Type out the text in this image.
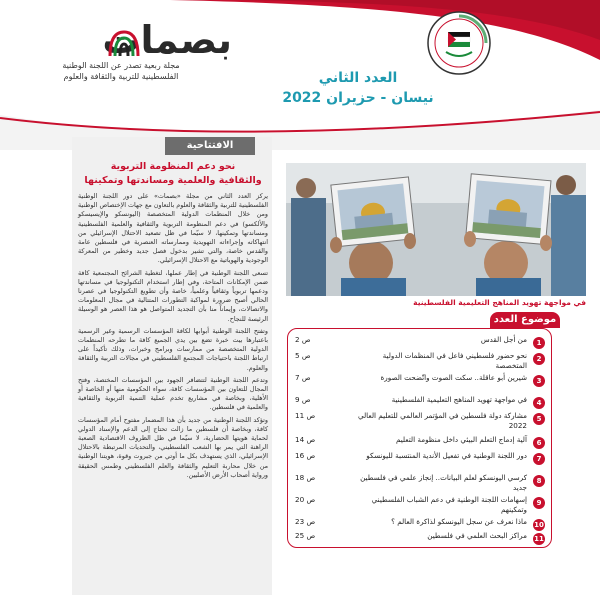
بصمات
مجلة ربعية تصدر عن اللجنة الوطنية
الفلسطينية للتربية والثقافة والعلوم	العدد الثاني
نيسان - حزيران 2022
الافتتاحية
نحو دعم المنظومة التربوية
والثقافية والعلمية ومساندتها وتمكينها

يركز العدد الثاني من مجلة «بصمات» على دور اللجنة الوطنية الفلسطينية للتربية والثقافة والعلوم بالتعاون مع جهات الإختصاص الوطنية ومن خلال المنظمات الدولية المتخصصة (اليونسكو والإيسيسكو والألكسو) في دعم المنظومة التربوية والثقافية والعلمية الفلسطينية ومساندتها وتمكينها، لا سيّما في ظل تصعيد الاحتلال الإسرائيلي من انتهاكاته وإجراءاته التهويدية وممارساته العنصرية في فلسطين عامة والقدس خاصة، والتي تشير بدخول فصل جديد وخطير من المعركة الوجودية والهوياتية مع الاحتلال الإسرائيلي.

تسعى اللجنة الوطنية في إطار عملها، لتغطية الشرائح المجتمعية كافة ضمن الإمكانات المتاحة، وفي إطار استخدام التكنولوجيا في مساندتها ودعمها تربوياً وثقافياً وعلمياً، خاصة وأن تطويع التكنولوجيا في عصرنا الحالي أصبح ضرورة لمواكبة التطورات المتتالية في مجال المعلومات والاتصالات، وإيماناً منا بأن التجديد المتواصل هو هذا العصر هو الوسيلة الرئيسة للنجاح.

وتفتح اللجنة الوطنية أبوابها لكافة المؤسسات الرسمية وغير الرسمية باعتبارها بيت خبرة تضع بين يدي الجميع كافة ما تطرحه المنظمات الدولية المتخصصة من ممارسات وبرامج وخبرات، وذلك تأكيداً على ارتباط اللجنة باحتياجات المجتمع الفلسطيني في مجالات التربية والثقافة والعلوم.

وتدعم اللجنة الوطنية لتتضافر الجهود بين المؤسسات المختصة، وفتح المجال للتعاون بين المؤسسات كافة، سواء الحكومية منها أو الخاصة أو الأهلية، وبخاصة في مشاريع تخدم عملية التنمية التربوية والثقافية والعلمية في فلسطين.

وتؤكد اللجنة الوطنية من جديد بأن هذا المضمار مفتوح أمام المؤسسات كافة، وبخاصة أن فلسطين ما زالت تحتاج إلى الدعم والإسناد الدولي لحماية هويتها الحضارية، لا سيّما في ظل الظروف الاقتصادية الصعبة الراهنة التي يمر بها الشعب الفلسطيني، والتحديات المرتبطة بالاحتلال الإسرائيلي، الذي يستهدف بكل ما أوتي من جبروت وقوة، هويتنا الوطنية من خلال محاربة التعليم والثقافة والعلم الفلسطيني وطمس الحقيقة ورواية أصحاب الأرض الأصليين.

في مواجهة تهويد المناهج التعليمية الفلسطينية
موضوع العدد
1
من أجل القدس
ص 2
2
نحو حضور فلسطيني فاعل في المنظمات الدولية المتخصصة
ص 5
3
شيرين أبو عاقلة.. سكت الصوت واتّضحت الصورة
ص 7
4
في مواجهة تهويد المناهج التعليمية الفلسطينية
ص 9
5
مشاركة دولة فلسطين في المؤتمر العالمي للتعليم العالي 2022
ص 11
6
آلية إدماج التعلم البيئي داخل منظومة التعليم
ص 14
7
دور اللجنة الوطنية في تفعيل الأندية المنتسبة لليونسكو
ص 16
8
كرسي اليونسكو لعلم البيانات.. إنجاز علمي في فلسطين جديد
ص 18
9
إسهامات اللجنة الوطنية في دعم الشباب الفلسطيني وتمكينهم
ص 20
10
ماذا نعرف عن سجل اليونسكو لذاكرة العالم ؟
ص 23
11
مراكز البحث العلمي في فلسطين
ص 25
